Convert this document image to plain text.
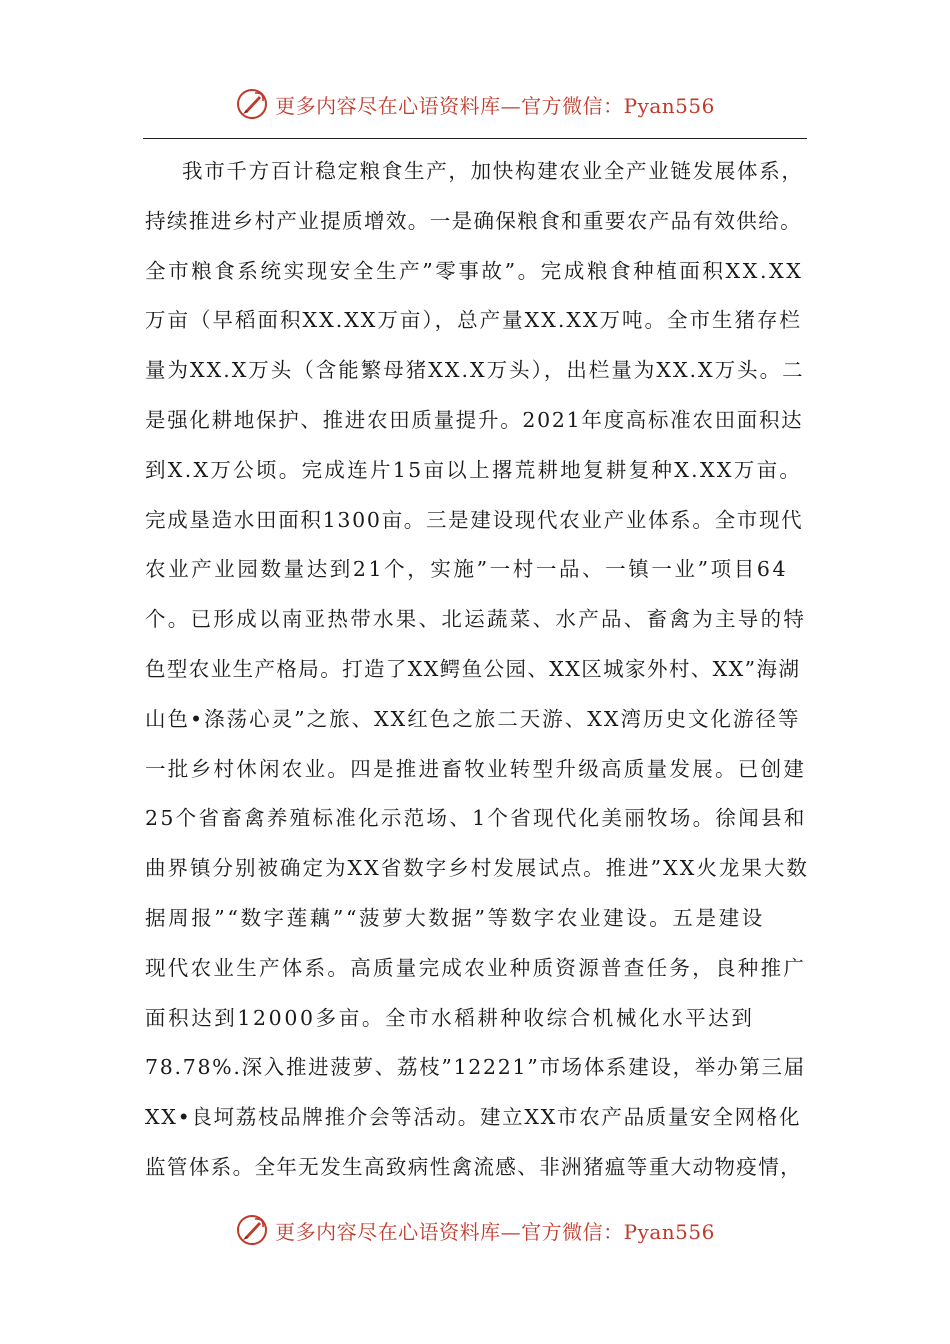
更多内容尽在心语资料库—官方微信：Pyan556
我市千方百计稳定粮食生产，加快构建农业全产业链发展体系，
持续推进乡村产业提质增效。一是确保粮食和重要农产品有效供给。
全市粮食系统实现安全生产”零事故”。完成粮食种植面积XX.XX
万亩（早稻面积XX.XX万亩），总产量XX.XX万吨。全市生猪存栏
量为XX.X万头（含能繁母猪XX.X万头），出栏量为XX.X万头。二
是强化耕地保护、推进农田质量提升。2021年度高标准农田面积达
到X.X万公顷。完成连片15亩以上撂荒耕地复耕复种X.XX万亩。
完成垦造水田面积1300亩。三是建设现代农业产业体系。全市现代
农业产业园数量达到21个，实施”一村一品、一镇一业”项目64
个。已形成以南亚热带水果、北运蔬菜、水产品、畜禽为主导的特
色型农业生产格局。打造了XX鳄鱼公园、XX区城家外村、XX”海湖
山色•涤荡心灵”之旅、XX红色之旅二天游、XX湾历史文化游径等
一批乡村休闲农业。四是推进畜牧业转型升级高质量发展。已创建
25个省畜禽养殖标准化示范场、1个省现代化美丽牧场。徐闻县和
曲界镇分别被确定为XX省数字乡村发展试点。推进”XX火龙果大数
据周报”“数字莲藕”“菠萝大数据”等数字农业建设。五是建设
现代农业生产体系。高质量完成农业种质资源普查任务，良种推广
面积达到12000多亩。全市水稻耕种收综合机械化水平达到
78.78%.深入推进菠萝、荔枝”12221”市场体系建设，举办第三届
XX•良坷荔枝品牌推介会等活动。建立XX市农产品质量安全网格化
监管体系。全年无发生高致病性禽流感、非洲猪瘟等重大动物疫情，
更多内容尽在心语资料库—官方微信：Pyan556
